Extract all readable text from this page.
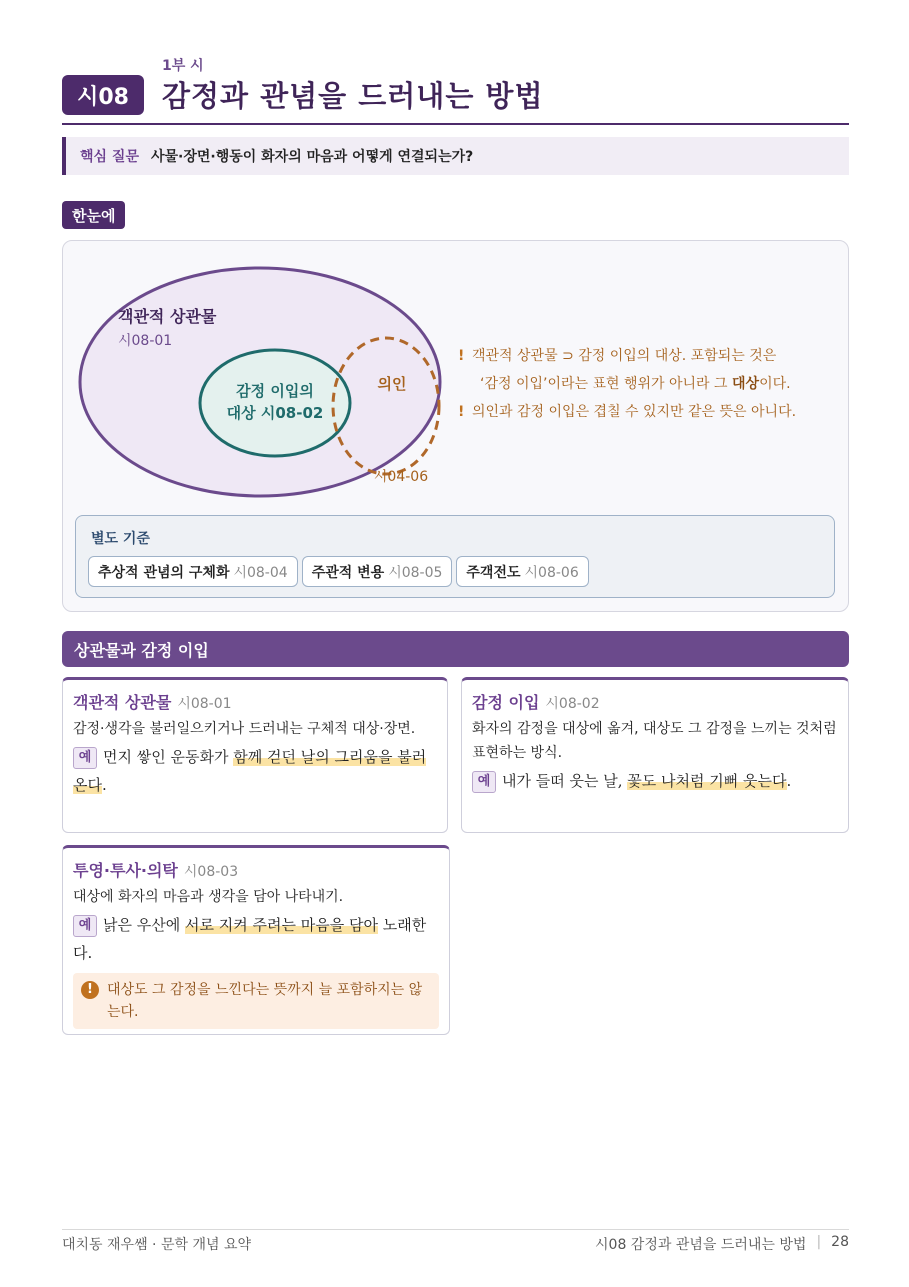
1부 시
시08	감정과 관념을 드러내는 방법
핵심 질문 사물·장면·행동이 화자의 마음과 어떻게 연결되는가?
한눈에
객관적 상관물
시08-01
감정 이입의
대상 시08-02
의인
시04-06
별도 기준
추상적 관념의 구체화 시08-04 주관적 변용 시08-05 주객전도 시08-06
! 객관적 상관물 ⊃ 감정 이입의 대상. 포함되는 것은
‘감정 이입’이라는 표현 행위가 아니라 그 대상이다.
! 의인과 감정 이입은 겹칠 수 있지만 같은 뜻은 아니다.
상관물과 감정 이입
객관적 상관물 시08-01
감정·생각을 불러일으키거나 드러내는 구체적 대상·장면.
예 먼지 쌓인 운동화가 함께 걷던 날의 그리움을 불러온다.
감정 이입 시08-02
화자의 감정을 대상에 옮겨, 대상도 그 감정을 느끼는 것처럼 표현하는 방식.
예 내가 들떠 웃는 날, 꽃도 나처럼 기뻐 웃는다.
투영·투사·의탁 시08-03
대상에 화자의 마음과 생각을 담아 나타내기.
예 낡은 우산에 서로 지켜 주려는 마음을 담아 노래한다.
!	대상도 그 감정을 느낀다는 뜻까지 늘 포함하지는 않는다.
대치동 재우쌤 · 문학 개념 요약	시08 감정과 관념을 드러내는 방법 | 28
